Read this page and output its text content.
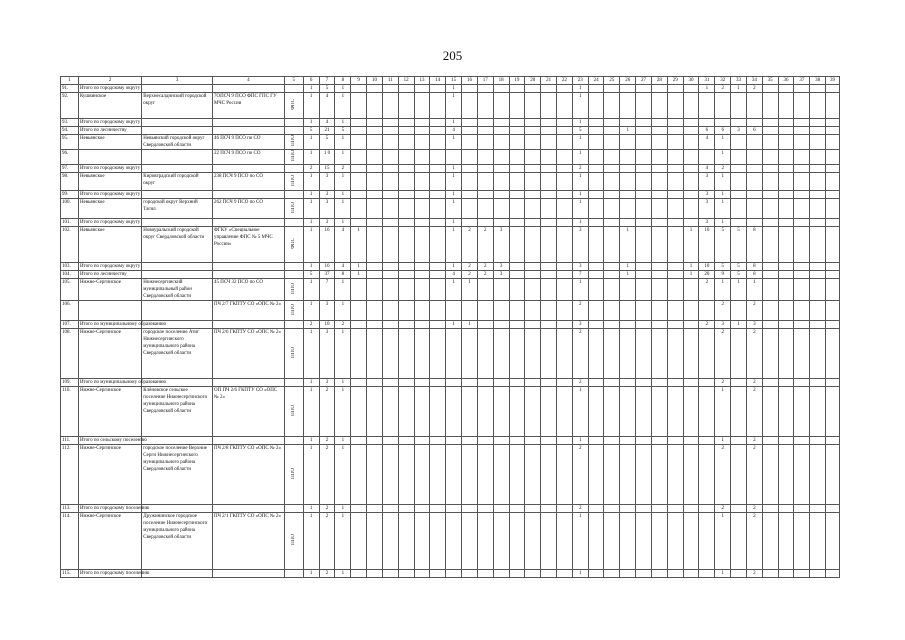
205
1	2	3	4	5	6	7	8	9	10	11	12	13	14	15	16	17	18	19	20	21	22	23	24	25	26	27	28	29	30	31	32	33	34	35	36	37	38	39
91.	Итого по городскому округу				1	5	1							1								1								1	2	1	2					
92.	Кушвинское	Верхнесалдинский городской округ	7ОПСЧ 9 ПСО ФПС ГПС ГУ МЧС России	ФПС	1	4	1							1								1																
93.	Итого по городскому округу				1	4	1							1								1																
94.	Итого по лесничеству				5	21	5							4								5			1					6	6	3	6					
95.	Невьянское	Невьянский городской округ Свердловской области	46 ПСЧ 9 ПСО по СО	ППО	1	5	1							1								1								4	1							
96.			22 ПСЧ 9 ПСО по СО	ППО	1	1 0	1															1									1							
97.	Итого по городскому округу				2	15	2							1								2								4	2							
98.	Невьянское	Кировградский городской округ	238 ПСЧ 9 ПСО по СО	ППО	1	3	1							1								1								3	1							
99.	Итого по городскому округу				1	3	1							1								1								3	1							
100.	Невьянское	городской округ Верхний Тагил	262 ПСЧ 9 ПСО по СО	ППО	1	3	1							1								1								3	1							
101.	Итого по городскому округу				1	3	1							1								1								3	1							
102.	Невьянское	Новоуральский городской округ Свердловской области	ФГКУ «Специальное управление ФПС № 5 МЧС России»	ФПС	1	16	4	1						1	2	2	3					3			1				1	10	5	5	8					
103.	Итого по городскому округу				1	16	4	1						1	2	2	3					3			1				1	10	5	5	8					
104.	Итого по лесничеству				5	37	8	1						4	2	2	3					7			1				1	20	9	5	8					
105.	Нижне-Сергинское	Нижнесергинский муниципальный район Свердловской области	45 ПСЧ 32 ПСО по СО	ППО	1	7	1							1	1							1								2	1	1	1					
106.			ПЧ 2/7 ГКПТУ СО «ОПС № 2»	ППО	1	3	1															2									2		2					
107.	Итого по муниципальному образованию				2	10	2							1	1							3								2	3	1	3					
108.	Нижне-Сергинское	городское поселение Атиг Нижнесергинского муниципального района Свердловской области	ПЧ 2/6 ГКПТУ СО «ОПС № 2»	ППО	1	3	1															2									2		2					
109.	Итого по муниципальному образованию				1	3	1															2									2		2					
110.	Нижне-Сергинское	Клёновское сельское поселение Нижнесергинского муниципального района Свердловской области	ОП ПЧ 2/6 ГКПТУ СО «ОПС № 2»	ППО	1	2	1															1									1		2					
111.	Итого по сельскому поселению				1	2	1															1									1		2					
112.	Нижне-Сергинское	городское поселение Верхние Серги Нижнесергинского муниципального района Свердловской области	ПЧ 2/8 ГКПТУ СО «ОПС № 2»	ППО	1	2	1															2									2		2					
113.	Итого по городскому поселению				1	2	1															2									2		2					
114.	Нижне-Сергинское	Дружининское городское поселение Нижнесергинского муниципального района Свердловской области	ПЧ 2/1 ГКПТУ СО «ОПС № 2»	ППО	1	2	1															1									1		2					
115.	Итого по городскому поселению				1	2	1															1									1		2					
